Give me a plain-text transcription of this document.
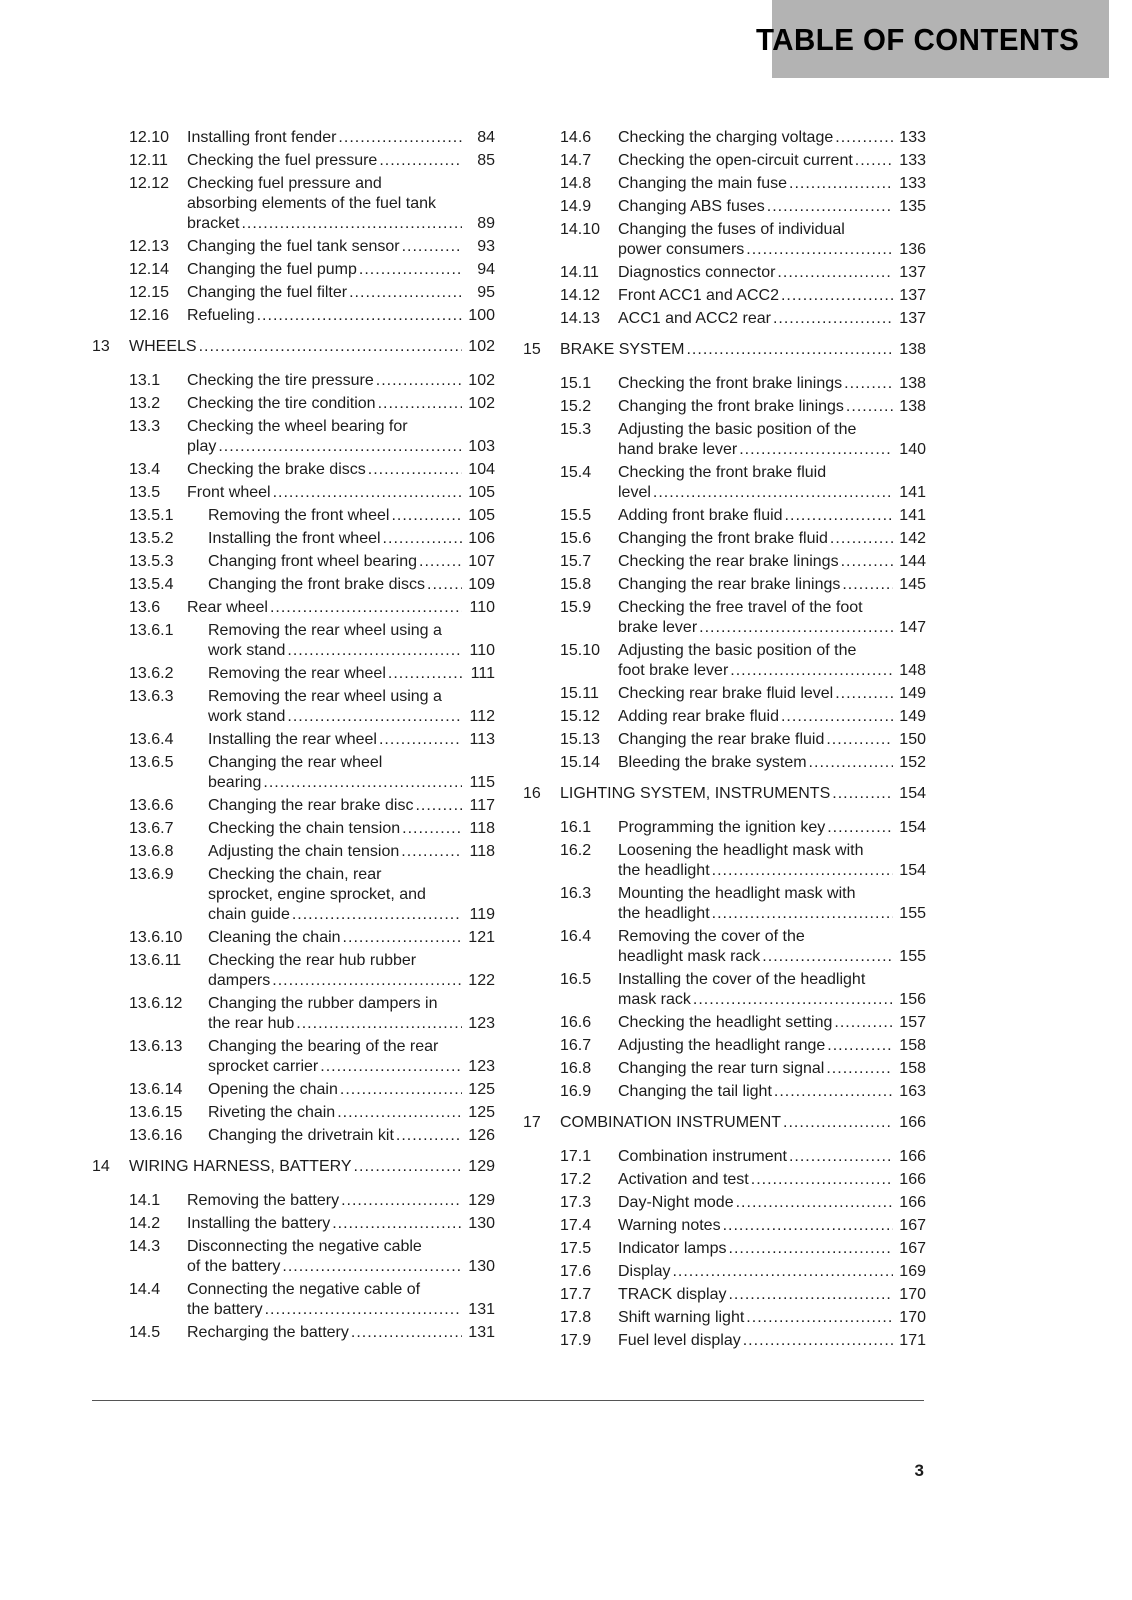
TABLE OF CONTENTS
12.10 Installing front fender .....	84
12.11 Checking the fuel pressure .....	85
12.12 Checking fuel pressure and
absorbing elements of the fuel tank
bracket .....	89
12.13 Changing the fuel tank sensor .....	93
12.14 Changing the fuel pump .....	94
12.15 Changing the fuel filter .....	95
12.16 Refueling .....	100
13 WHEELS .....	102
13.1 Checking the tire pressure .....	102
13.2 Checking the tire condition .....	102
13.3 Checking the wheel bearing for
play .....	103
13.4 Checking the brake discs .....	104
13.5 Front wheel .....	105
13.5.1 Removing the front wheel .....	105
13.5.2 Installing the front wheel .....	106
13.5.3 Changing front wheel bearing .....	107
13.5.4 Changing the front brake discs .....	109
13.6 Rear wheel .....	110
13.6.1 Removing the rear wheel using a
work stand .....	110
13.6.2 Removing the rear wheel .....	111
13.6.3 Removing the rear wheel using a
work stand .....	112
13.6.4 Installing the rear wheel .....	113
13.6.5 Changing the rear wheel
bearing .....	115
13.6.6 Changing the rear brake disc .....	117
13.6.7 Checking the chain tension .....	118
13.6.8 Adjusting the chain tension .....	118
13.6.9 Checking the chain, rear
sprocket, engine sprocket, and
chain guide .....	119
13.6.10 Cleaning the chain .....	121
13.6.11 Checking the rear hub rubber
dampers .....	122
13.6.12 Changing the rubber dampers in
the rear hub .....	123
13.6.13 Changing the bearing of the rear
sprocket carrier .....	123
13.6.14 Opening the chain .....	125
13.6.15 Riveting the chain .....	125
13.6.16 Changing the drivetrain kit .....	126
14 WIRING HARNESS, BATTERY .....	129
14.1 Removing the battery .....	129
14.2 Installing the battery .....	130
14.3 Disconnecting the negative cable
of the battery .....	130
14.4 Connecting the negative cable of
the battery .....	131
14.5 Recharging the battery .....	131
14.6 Checking the charging voltage .....	133
14.7 Checking the open-circuit current .....	133
14.8 Changing the main fuse .....	133
14.9 Changing ABS fuses .....	135
14.10 Changing the fuses of individual
power consumers .....	136
14.11 Diagnostics connector .....	137
14.12 Front ACC1 and ACC2 .....	137
14.13 ACC1 and ACC2 rear .....	137
15 BRAKE SYSTEM .....	138
15.1 Checking the front brake linings .....	138
15.2 Changing the front brake linings .....	138
15.3 Adjusting the basic position of the
hand brake lever .....	140
15.4 Checking the front brake fluid
level .....	141
15.5 Adding front brake fluid .....	141
15.6 Changing the front brake fluid .....	142
15.7 Checking the rear brake linings .....	144
15.8 Changing the rear brake linings .....	145
15.9 Checking the free travel of the foot
brake lever .....	147
15.10 Adjusting the basic position of the
foot brake lever .....	148
15.11 Checking rear brake fluid level .....	149
15.12 Adding rear brake fluid .....	149
15.13 Changing the rear brake fluid .....	150
15.14 Bleeding the brake system .....	152
16 LIGHTING SYSTEM, INSTRUMENTS .....	154
16.1 Programming the ignition key .....	154
16.2 Loosening the headlight mask with
the headlight .....	154
16.3 Mounting the headlight mask with
the headlight .....	155
16.4 Removing the cover of the
headlight mask rack .....	155
16.5 Installing the cover of the headlight
mask rack .....	156
16.6 Checking the headlight setting .....	157
16.7 Adjusting the headlight range .....	158
16.8 Changing the rear turn signal .....	158
16.9 Changing the tail light .....	163
17 COMBINATION INSTRUMENT .....	166
17.1 Combination instrument .....	166
17.2 Activation and test .....	166
17.3 Day-Night mode .....	166
17.4 Warning notes .....	167
17.5 Indicator lamps .....	167
17.6 Display .....	169
17.7 TRACK display .....	170
17.8 Shift warning light .....	170
17.9 Fuel level display .....	171
3
